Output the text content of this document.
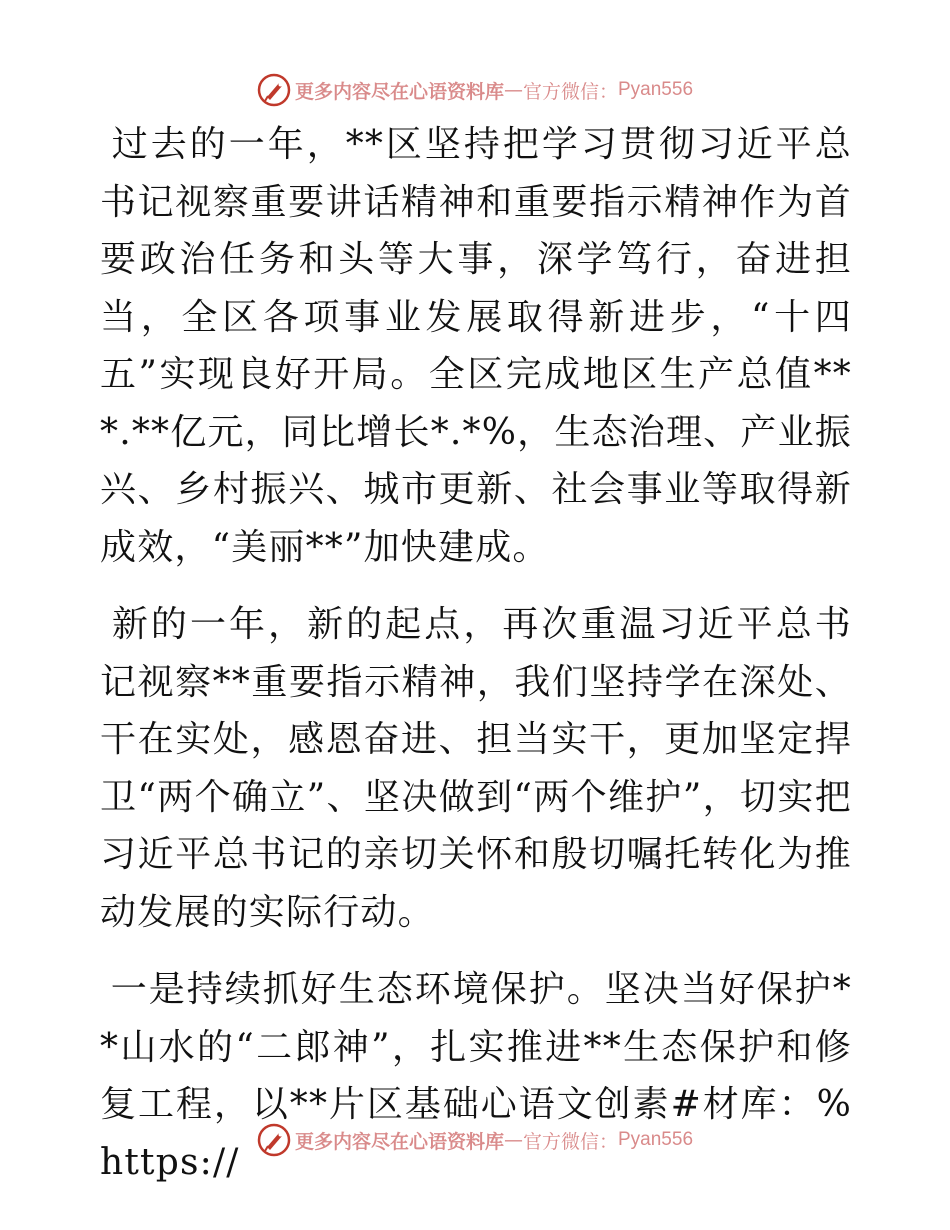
更多内容尽在心语资料库 — 官方微信： Pyan556

过去的一年，**区坚持把学习贯彻习近平总书记视察重要讲话精神和重要指示精神作为首要政治任务和头等大事，深学笃行，奋进担当，全区各项事业发展取得新进步，“十四五”实现良好开局。全区完成地区生产总值***.**亿元，同比增长*.*%，生态治理、产业振兴、乡村振兴、城市更新、社会事业等取得新成效，“美丽**”加快建成。

新的一年，新的起点，再次重温习近平总书记视察**重要指示精神，我们坚持学在深处、干在实处，感恩奋进、担当实干，更加坚定捍卫“两个确立”、坚决做到“两个维护”，切实把习近平总书记的亲切关怀和殷切嘱托转化为推动发展的实际行动。

一是持续抓好生态环境保护。坚决当好保护**山水的“二郎神”，扎实推进**生态保护和修复工程，以**片区基础心语文创素#材库：%https://	更多内容尽在心语资料库 — 官方微信： Pyan556
